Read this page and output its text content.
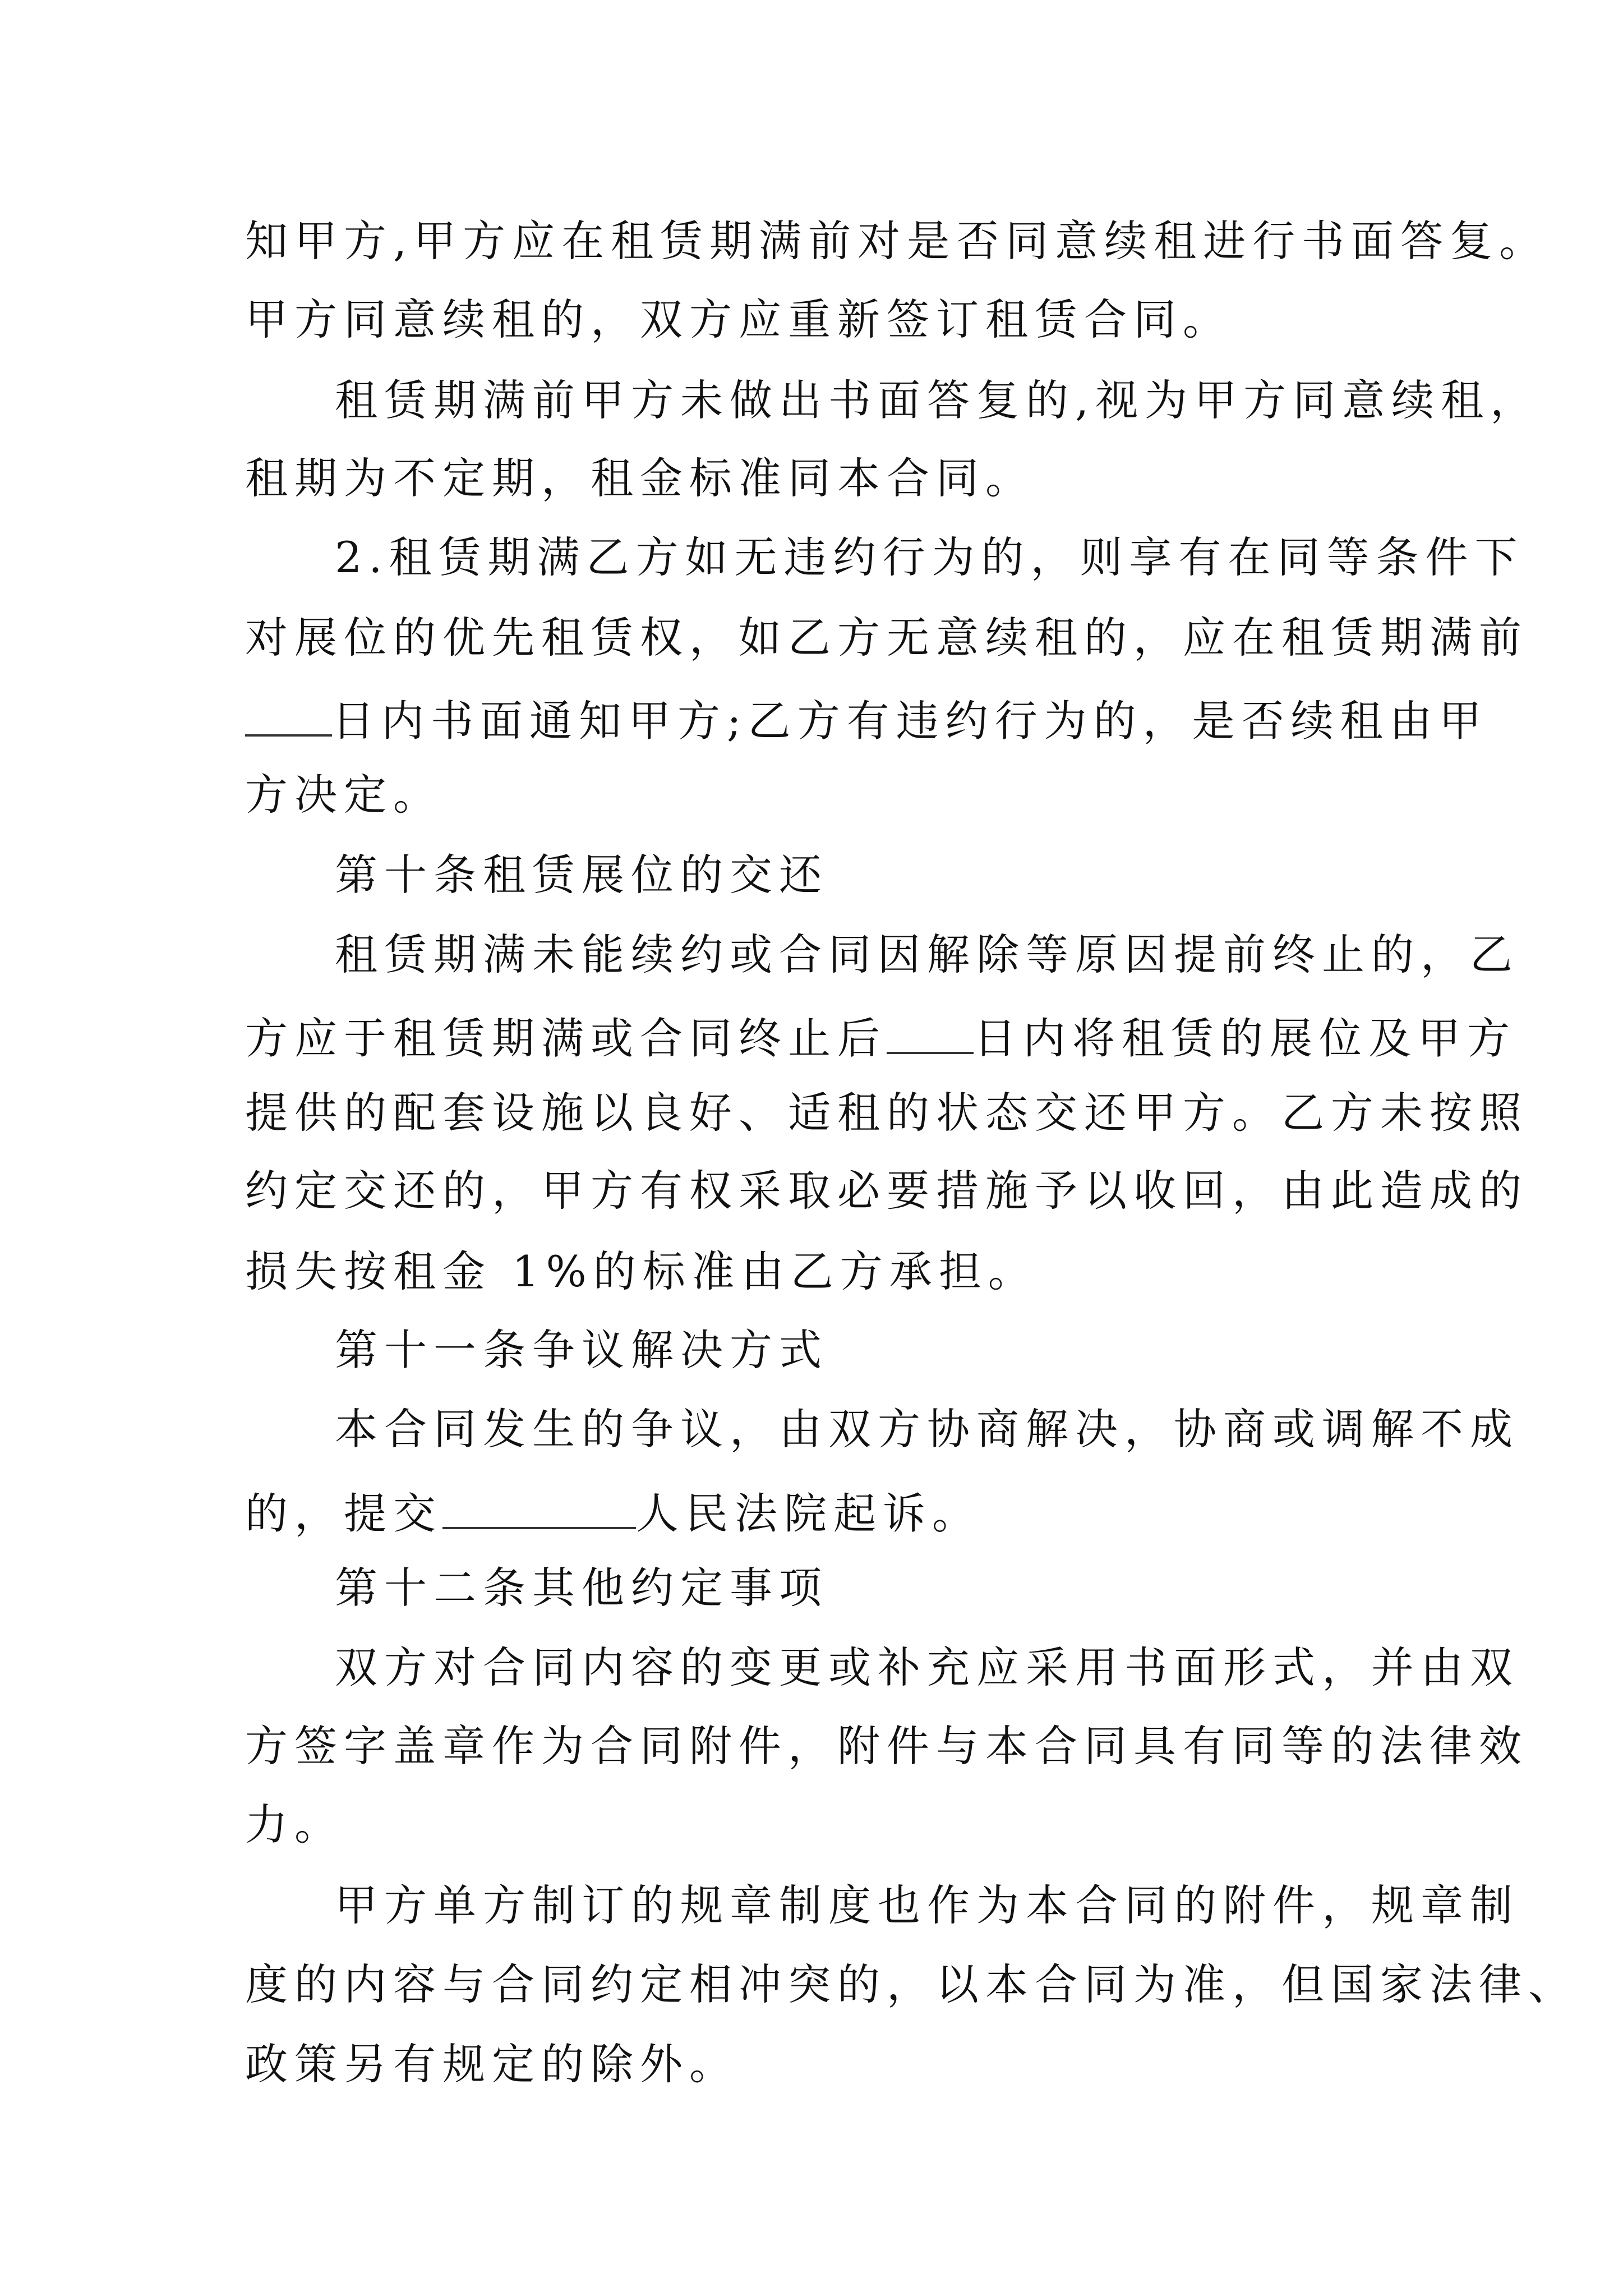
知甲方,甲方应在租赁期满前对是否同意续租进行书面答复。
甲方同意续租的，双方应重新签订租赁合同。
租赁期满前甲方未做出书面答复的,视为甲方同意续租，
租期为不定期，租金标准同本合同。
2.租赁期满乙方如无违约行为的，则享有在同等条件下
对展位的优先租赁权，如乙方无意续租的，应在租赁期满前
日内书面通知甲方;乙方有违约行为的，是否续租由甲
方决定。
第十条租赁展位的交还
租赁期满未能续约或合同因解除等原因提前终止的，乙
方应于租赁期满或合同终止后 日内将租赁的展位及甲方
提供的配套设施以良好、适租的状态交还甲方。乙方未按照
约定交还的，甲方有权采取必要措施予以收回，由此造成的
损失按租金 1%的标准由乙方承担。
第十一条争议解决方式
本合同发生的争议，由双方协商解决，协商或调解不成
的，提交	人民法院起诉。
第十二条其他约定事项
双方对合同内容的变更或补充应采用书面形式，并由双
方签字盖章作为合同附件，附件与本合同具有同等的法律效
力。
甲方单方制订的规章制度也作为本合同的附件，规章制
度的内容与合同约定相冲突的，以本合同为准，但国家法律、
政策另有规定的除外。
